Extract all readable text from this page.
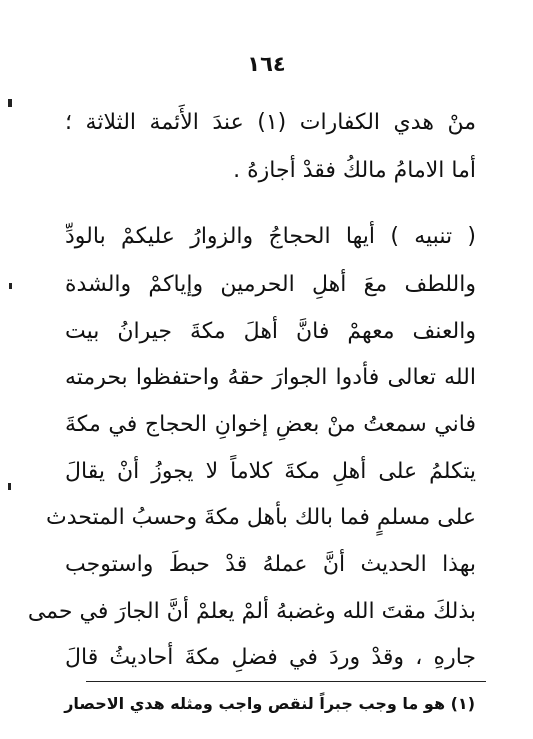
١٦٤
منْ هدي الكفارات (١) عندَ الأَئمة الثلاثة ؛
أما الامامُ مالكُ فقدْ أجازهُ .
( تنبيه ) أيها الحجاجُ والزوارُ عليكمْ بالودِّ
واللطف معَ أهلِ الحرمين وإياكمْ والشدة
والعنف معهمْ فانَّ أهلَ مكةَ جيرانُ بيت
الله تعالى فأدوا الجوارَ حقهُ واحتفظوا بحرمته
فاني سمعتُ منْ بعضِ إخوانِ الحجاج في مكةَ
يتكلمُ على أهلِ مكةَ كلاماً لا يجوزُ أنْ يقالَ
على مسلمٍ فما بالك بأهل مكةَ وحسبُ المتحدث
بهذا الحديث أنَّ عملهُ قدْ حبطَ واستوجب
بذلكَ مقتَ الله وغضبهُ ألمْ يعلمْ أنَّ الجارَ في حمى
جارهِ ، وقدْ وردَ في فضلِ مكةَ أحاديثُ قالَ
(١) هو ما وجب جبراً لنقص واجب ومثله هدي الاحصار
